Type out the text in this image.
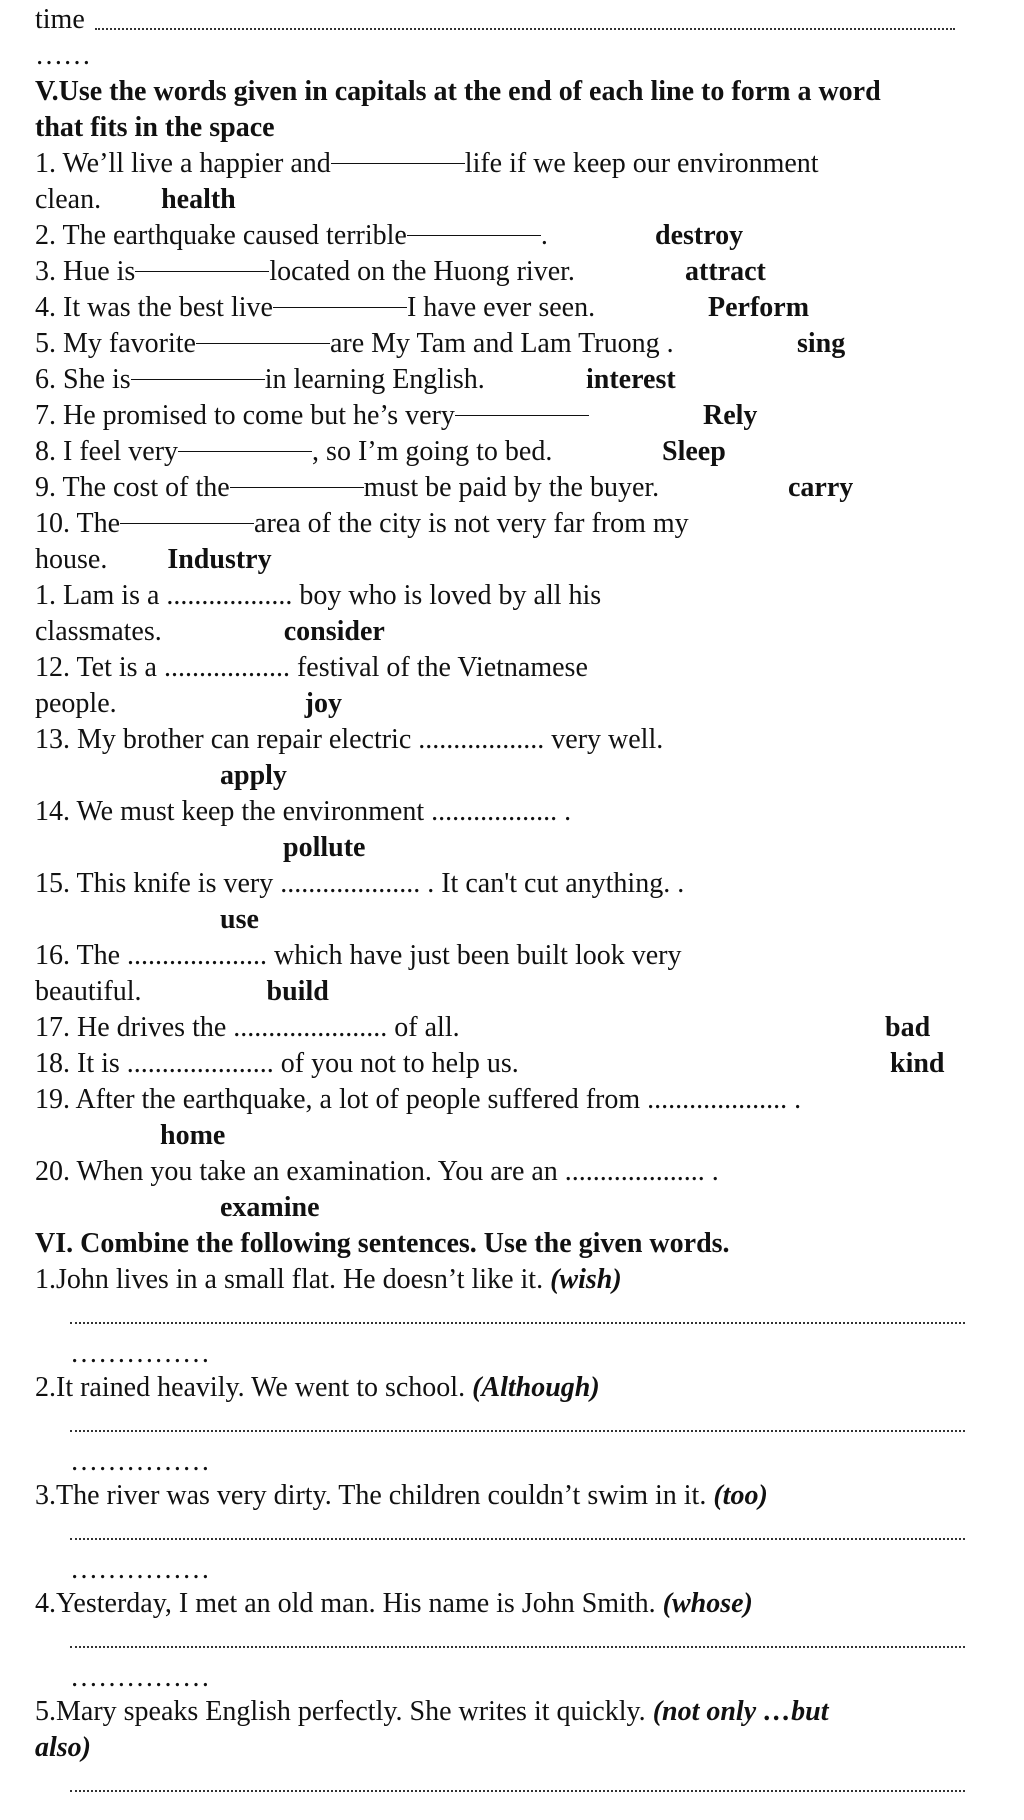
time
……
V.Use the words given in capitals at the end of each line to form a word
that fits in the space
1. We’ll live a happier and	life if we keep our environment
clean. health
2. The earthquake caused terrible	.	destroy
3. Hue is	located on the Huong river.	attract
4. It was the best live	I have ever seen.	Perform
5. My favorite	are My Tam and Lam Truong .	sing
6. She is	in learning English.	interest
7. He promised to come but he’s very	Rely
8. I feel very	, so I’m going to bed.	Sleep
9. The cost of the	must be paid by the buyer.	carry
10. The	area of the city is not very far from my
house. Industry
1. Lam is a .................. boy who is loved by all his
classmates.	consider
12. Tet is a .................. festival of the Vietnamese
people.	joy
13. My brother can repair electric .................. very well.
apply
14. We must keep the environment .................. .
pollute
15. This knife is very .................... . It can't cut anything. .
use
16. The .................... which have just been built look very
beautiful.	build
17. He drives the ...................... of all.	bad
18. It is ..................... of you not to help us.	kind
19. After the earthquake, a lot of people suffered from .................... .
home
20. When you take an examination. You are an .................... .
examine
VI. Combine the following sentences. Use the given words.
1.John lives in a small flat. He doesn’t like it. (wish)
……………
2.It rained heavily. We went to school. (Although)
……………
3.The river was very dirty. The children couldn’t swim in it. (too)
……………
4.Yesterday, I met an old man. His name is John Smith. (whose)
……………
5.Mary speaks English perfectly. She writes it quickly. (not only …but
also)
